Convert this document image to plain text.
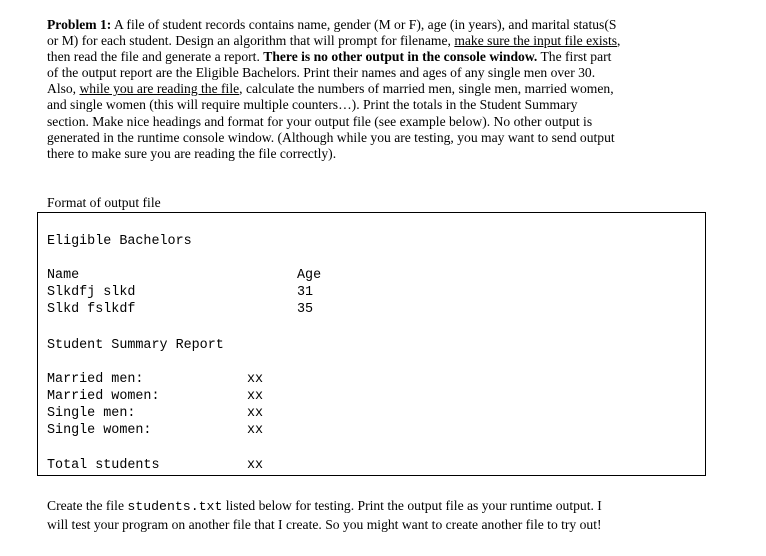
Problem 1: A file of student records contains name, gender (M or F), age (in years), and marital status(S
or M) for each student. Design an algorithm that will prompt for filename, make sure the input file exists,
then read the file and generate a report. There is no other output in the console window. The first part
of the output report are the Eligible Bachelors. Print their names and ages of any single men over 30.
Also, while you are reading the file, calculate the numbers of married men, single men, married women,
and single women (this will require multiple counters…). Print the totals in the Student Summary
section. Make nice headings and format for your output file (see example below). No other output is
generated in the runtime console window. (Although while you are testing, you may want to send output
there to make sure you are reading the file correctly).
Format of output file
Eligible Bachelors
Name	Age
Slkdfj slkd	31
Slkd fslkdf	35
Student Summary Report
Married men:	xx
Married women:	xx
Single men:	xx
Single women:	xx
Total students	xx
Create the file students.txt listed below for testing. Print the output file as your runtime output. I
will test your program on another file that I create. So you might want to create another file to try out!
